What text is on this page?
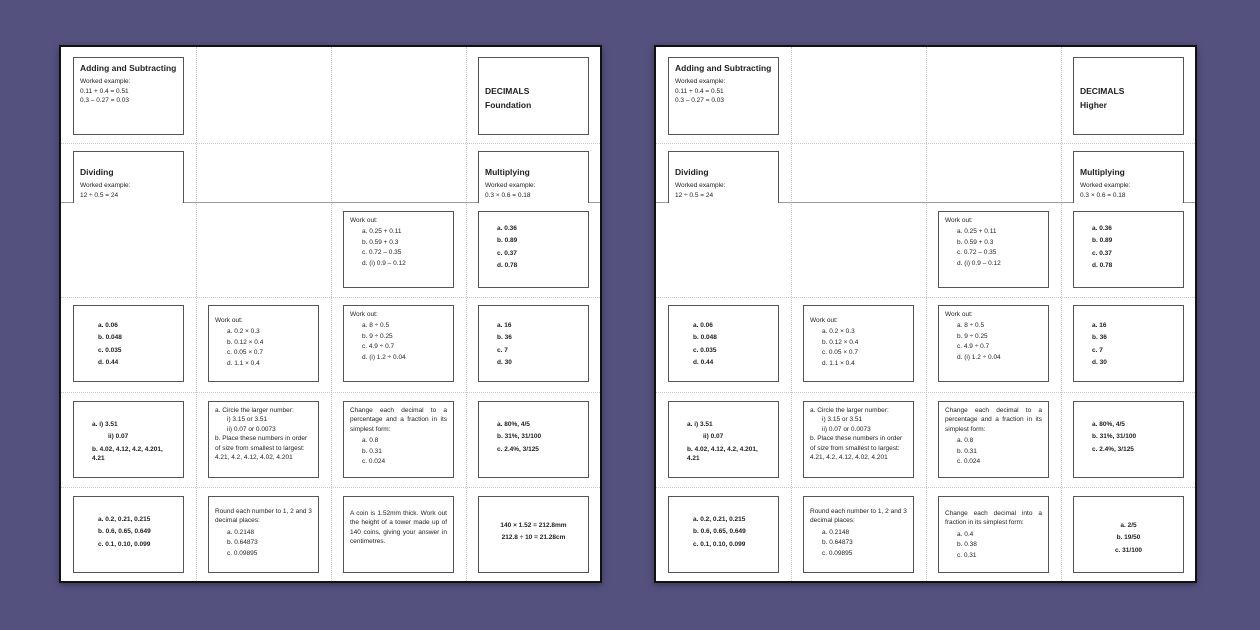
Adding and Subtracting
Worked example:
0.11 + 0.4 = 0.51
0.3 – 0.27 = 0.03
DECIMALS
Foundation
Dividing
Worked example:
12 ÷ 0.5 = 24
Multiplying
Worked example:
0.3 × 0.6 = 0.18
Work out:
a. 0.25 + 0.11
b. 0.59 + 0.3
c. 0.72 – 0.35
d. (i) 0.9 – 0.12
a. 0.36
b. 0.89
c. 0.37
d. 0.78
a. 0.06
b. 0.048
c. 0.035
d. 0.44
Work out:
a. 0.2 × 0.3
b. 0.12 × 0.4
c. 0.05 × 0.7
d. 1.1 × 0.4
Work out:
a. 8 ÷ 0.5
b. 9 ÷ 0.25
c. 4.9 ÷ 0.7
d. (i) 1.2 ÷ 0.04
a. 16
b. 36
c. 7
d. 30
a. i) 3.51
ii) 0.07
b. 4.02, 4.12, 4.2, 4.201, 4.21
a. Circle the larger number:
i) 3.15 or 3.51
ii) 0.07 or 0.0073
b. Place these numbers in order of size from smallest to largest:
4.21, 4.2, 4.12, 4.02, 4.201
Change each decimal to a percentage and a fraction in its simplest form:
a. 0.8
b. 0.31
c. 0.024
a. 80%, 4/5
b. 31%, 31/100
c. 2.4%, 3/125
a. 0.2, 0.21, 0.215
b. 0.6, 0.65, 0.649
c. 0.1, 0.10, 0.099
Round each number to 1, 2 and 3 decimal places:
a. 0.2148
b. 0.64873
c. 0.09895
A coin is 1.52mm thick. Work out the height of a tower made up of 140 coins, giving your answer in centimetres.
140 × 1.52 = 212.8mm
212.8 ÷ 10 = 21.28cm
Adding and Subtracting
Worked example:
0.11 + 0.4 = 0.51
0.3 – 0.27 = 0.03
DECIMALS
Higher
Dividing
Worked example:
12 ÷ 0.5 = 24
Multiplying
Worked example:
0.3 × 0.6 = 0.18
Work out:
a. 0.25 + 0.11
b. 0.59 + 0.3
c. 0.72 – 0.35
d. (i) 0.9 – 0.12
a. 0.36
b. 0.89
c. 0.37
d. 0.78
a. 0.06
b. 0.048
c. 0.035
d. 0.44
Work out:
a. 0.2 × 0.3
b. 0.12 × 0.4
c. 0.05 × 0.7
d. 1.1 × 0.4
Work out:
a. 8 ÷ 0.5
b. 9 ÷ 0.25
c. 4.9 ÷ 0.7
d. (i) 1.2 ÷ 0.04
a. 16
b. 36
c. 7
d. 30
a. i) 3.51
ii) 0.07
b. 4.02, 4.12, 4.2, 4.201, 4.21
a. Circle the larger number:
i) 3.15 or 3.51
ii) 0.07 or 0.0073
b. Place these numbers in order of size from smallest to largest:
4.21, 4.2, 4.12, 4.02, 4.201
Change each decimal to a percentage and a fraction in its simplest form:
a. 0.8
b. 0.31
c. 0.024
a. 80%, 4/5
b. 31%, 31/100
c. 2.4%, 3/125
a. 0.2, 0.21, 0.215
b. 0.6, 0.65, 0.649
c. 0.1, 0.10, 0.099
Round each number to 1, 2 and 3 decimal places:
a. 0.2148
b. 0.64873
c. 0.09895
Change each decimal into a fraction in its simplest form:
a. 0.4
b. 0.38
c. 0.31
a. 2/5
b. 19/50
c. 31/100
